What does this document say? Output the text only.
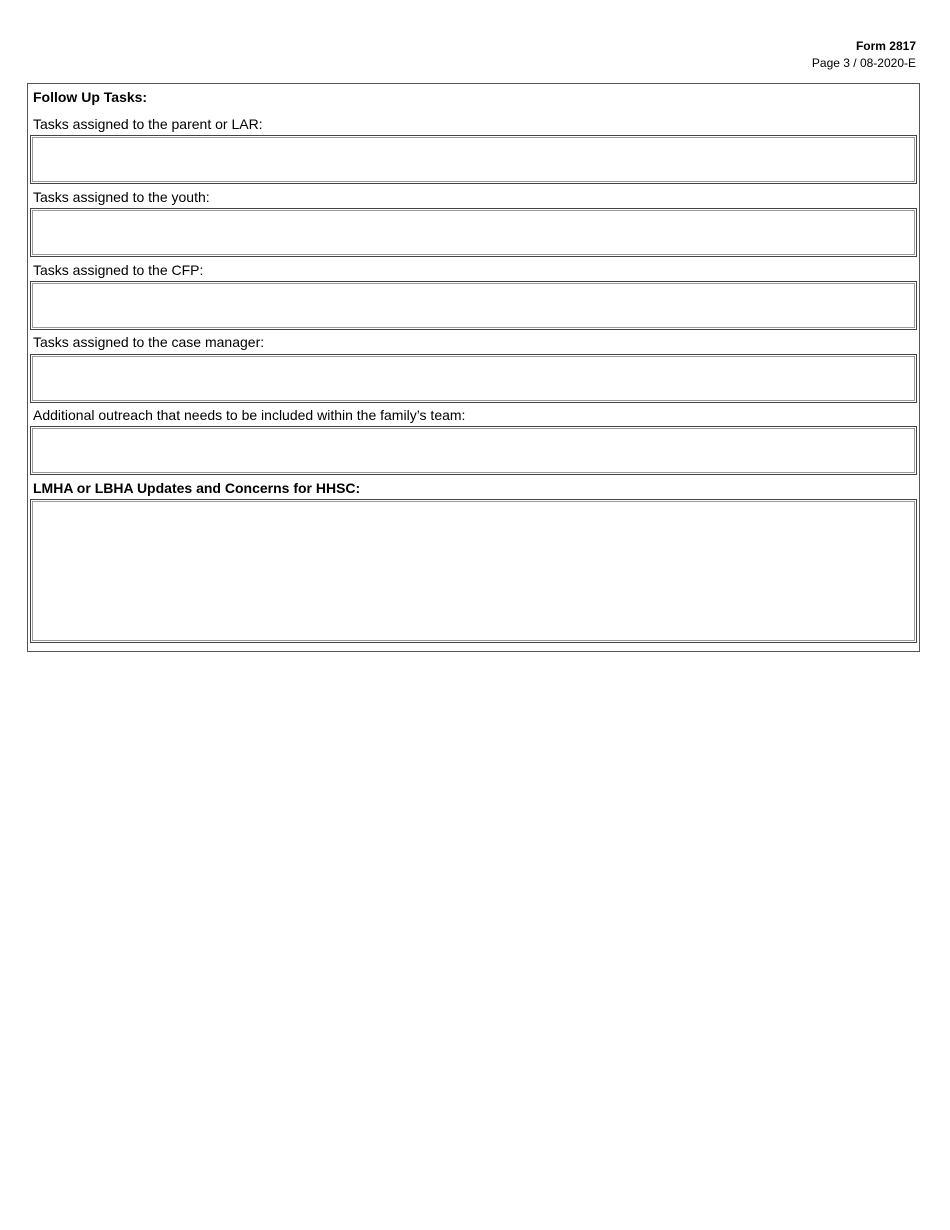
Form 2817
Page 3 / 08-2020-E
Follow Up Tasks:
Tasks assigned to the parent or LAR:
Tasks assigned to the youth:
Tasks assigned to the CFP:
Tasks assigned to the case manager:
Additional outreach that needs to be included within the family’s team:
LMHA or LBHA Updates and Concerns for HHSC:
